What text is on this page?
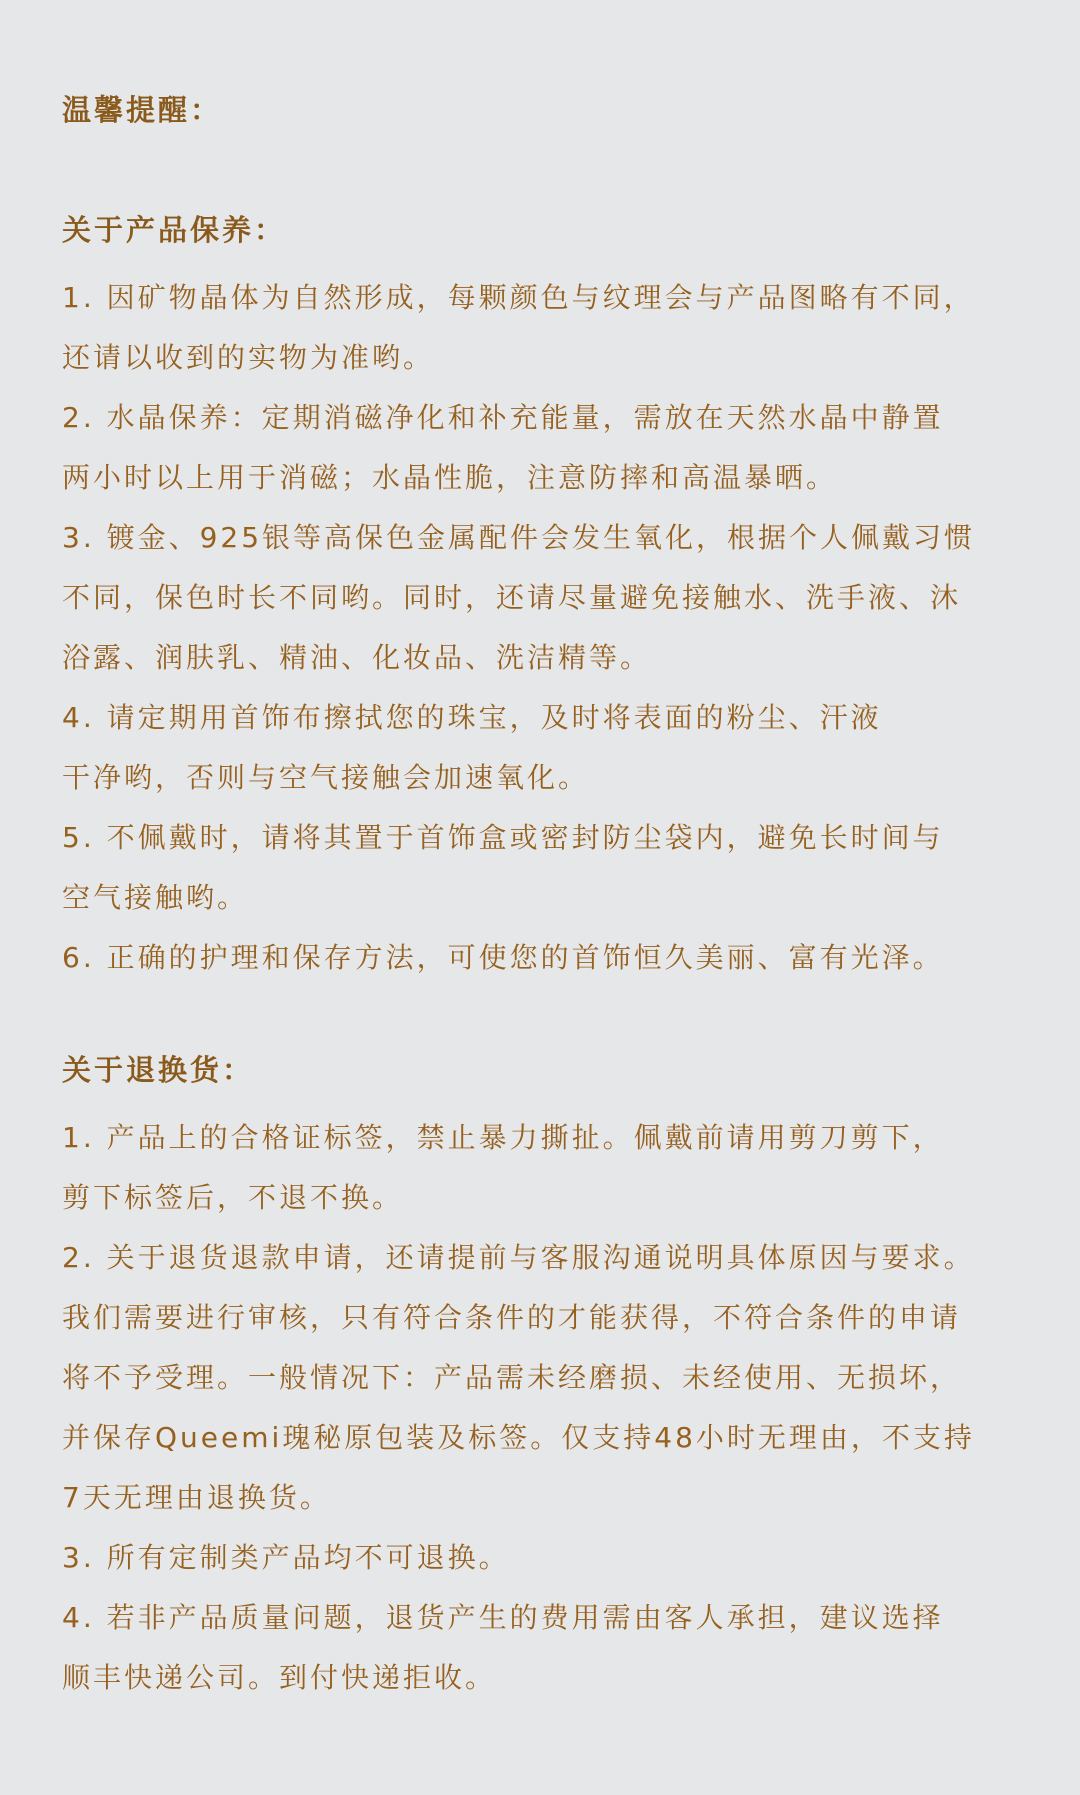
温馨提醒：
关于产品保养：
1. 因矿物晶体为自然形成，每颗颜色与纹理会与产品图略有不同，
还请以收到的实物为准哟。
2. 水晶保养：定期消磁净化和补充能量，需放在天然水晶中静置
两小时以上用于消磁；水晶性脆，注意防摔和高温暴晒。
3. 镀金、925银等高保色金属配件会发生氧化，根据个人佩戴习惯
不同，保色时长不同哟。同时，还请尽量避免接触水、洗手液、沐
浴露、润肤乳、精油、化妆品、洗洁精等。
4. 请定期用首饰布擦拭您的珠宝，及时将表面的粉尘、汗液
干净哟，否则与空气接触会加速氧化。
5. 不佩戴时，请将其置于首饰盒或密封防尘袋内，避免长时间与
空气接触哟。
6. 正确的护理和保存方法，可使您的首饰恒久美丽、富有光泽。
关于退换货：
1. 产品上的合格证标签，禁止暴力撕扯。佩戴前请用剪刀剪下，
剪下标签后，不退不换。
2. 关于退货退款申请，还请提前与客服沟通说明具体原因与要求。
我们需要进行审核，只有符合条件的才能获得，不符合条件的申请
将不予受理。一般情况下：产品需未经磨损、未经使用、无损坏，
并保存Queemi瑰秘原包装及标签。仅支持48小时无理由，不支持
7天无理由退换货。
3. 所有定制类产品均不可退换。
4. 若非产品质量问题，退货产生的费用需由客人承担，建议选择
顺丰快递公司。到付快递拒收。
